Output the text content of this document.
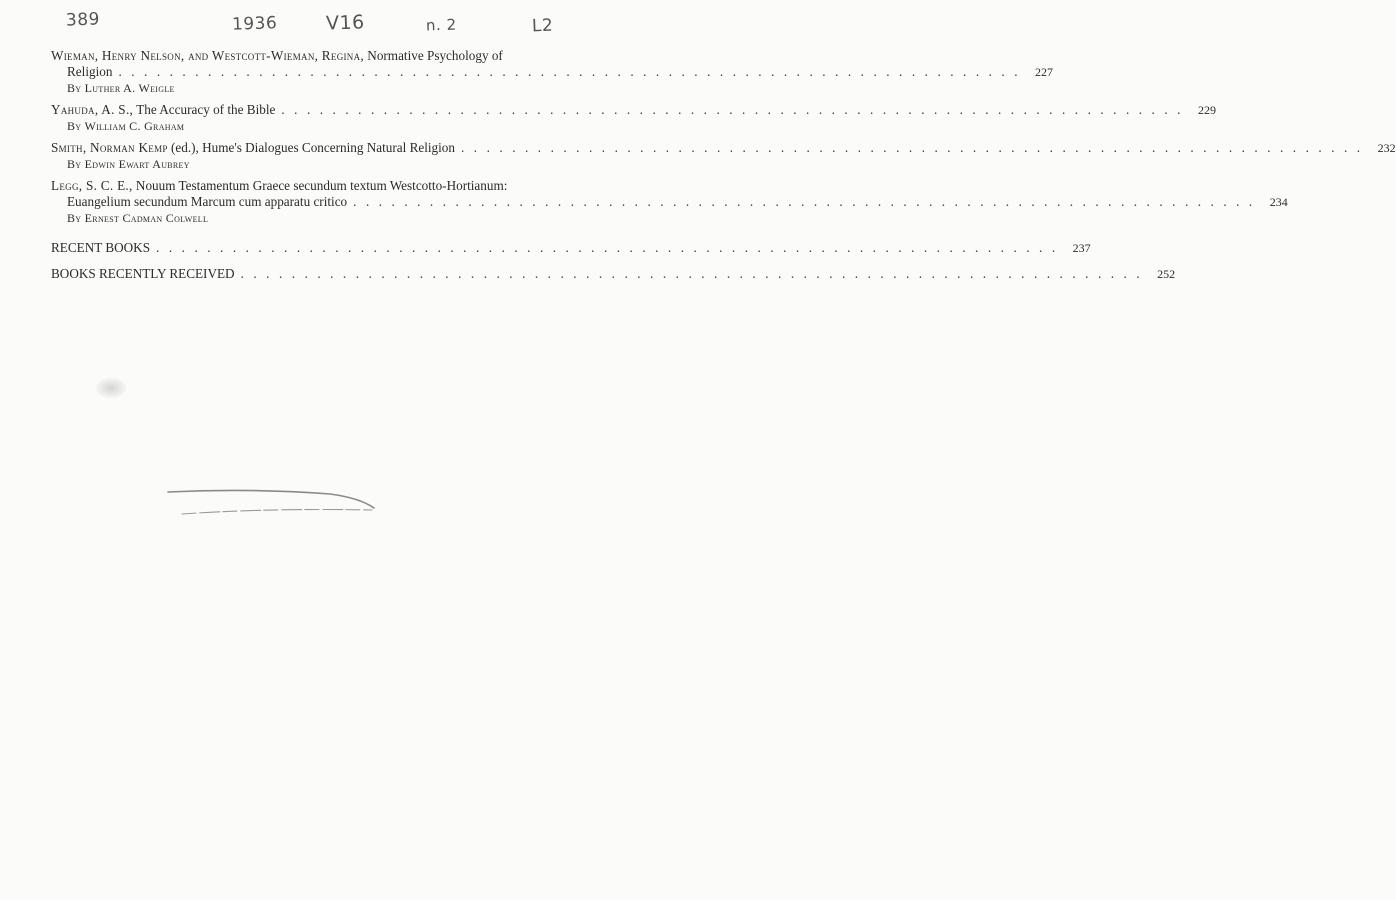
389	1936	V16	n. 2	L2
Wieman, Henry Nelson, and Westcott-Wieman, Regina, Normative Psychology of
Religion ....................................................................... 227
By Luther A. Weigle
Yahuda, A. S., The Accuracy of the Bible ....................................................................... 229
By William C. Graham
Smith, Norman Kemp (ed.), Hume's Dialogues Concerning Natural Religion ....................................................................... 232
By Edwin Ewart Aubrey
Legg, S. C. E., Nouum Testamentum Graece secundum textum Westcotto-Hortianum:
Euangelium secundum Marcum cum apparatu critico ....................................................................... 234
By Ernest Cadman Colwell
RECENT BOOKS ....................................................................... 237
BOOKS RECENTLY RECEIVED ....................................................................... 252
